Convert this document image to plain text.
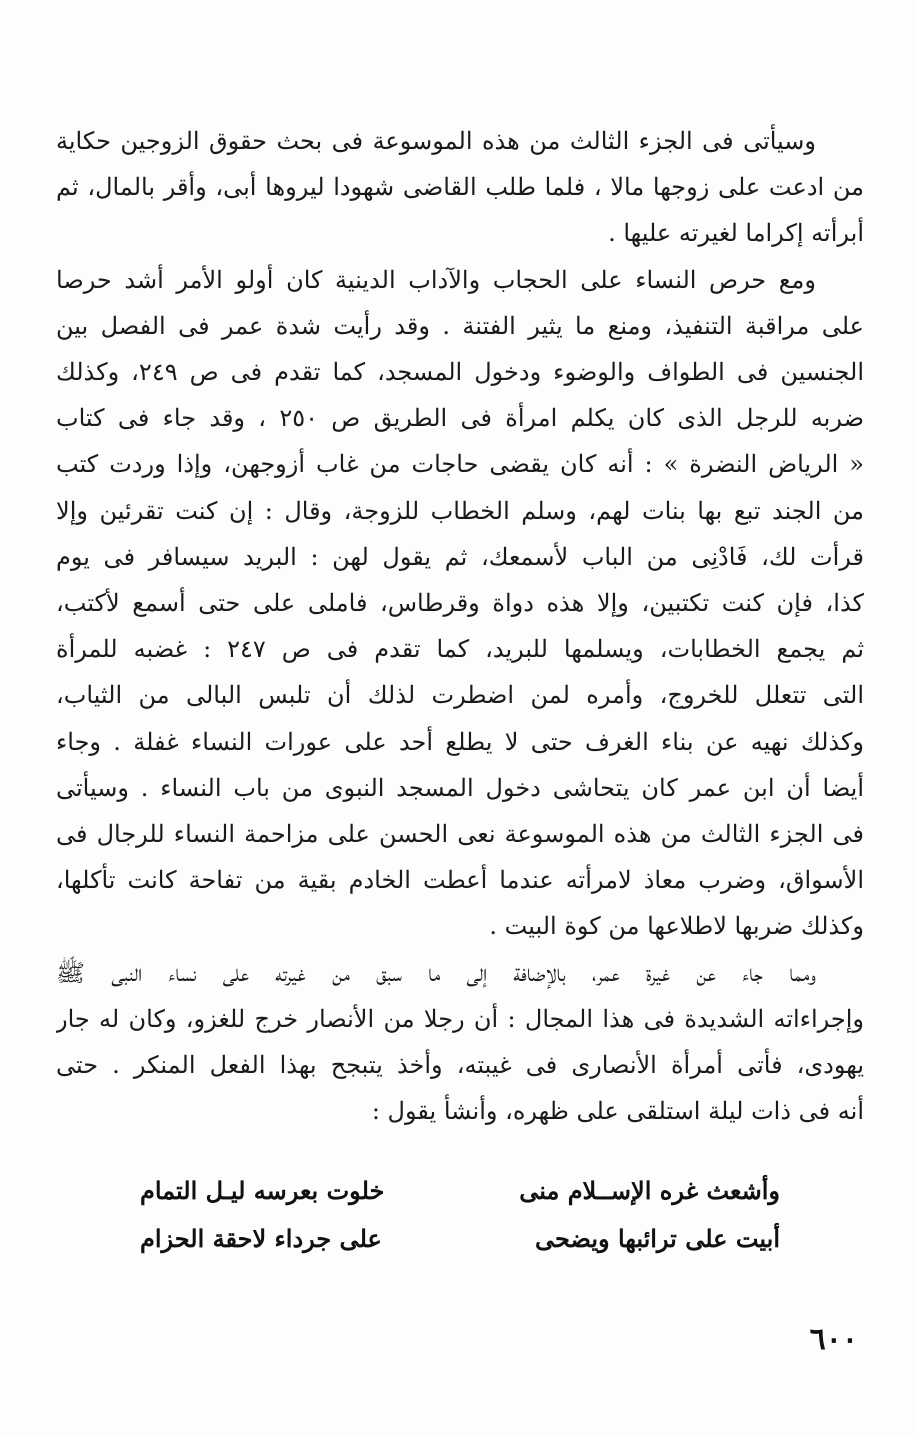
وسيأتى فى الجزء الثالث من هذه الموسوعة فى بحث حقوق الزوجين حكاية
من ادعت على زوجها مالا ، فلما طلب القاضى شهودا ليروها أبى، وأقر بالمال، ثم
أبرأته إكراما لغيرته عليها .
ومع حرص النساء على الحجاب والآداب الدينية كان أولو الأمر أشد حرصا
على مراقبة التنفيذ، ومنع ما يثير الفتنة . وقد رأيت شدة عمر فى الفصل بين
الجنسين فى الطواف والوضوء ودخول المسجد، كما تقدم فى ص ٢٤٩، وكذلك
ضربه للرجل الذى كان يكلم امرأة فى الطريق ص ٢٥٠ ، وقد جاء فى كتاب
« الرياض النضرة » : أنه كان يقضى حاجات من غاب أزوجهن، وإذا وردت كتب
من الجند تبع بها بنات لهم، وسلم الخطاب للزوجة، وقال : إن كنت تقرئين وإلا
قرأت لك، فَادْنِى من الباب لأسمعك، ثم يقول لهن : البريد سيسافر فى يوم
كذا، فإن كنت تكتبين، وإلا هذه دواة وقرطاس، فاملى على حتى أسمع لأكتب،
ثم يجمع الخطابات، ويسلمها للبريد، كما تقدم فى ص ٢٤٧ : غضبه للمرأة
التى تتعلل للخروج، وأمره لمن اضطرت لذلك أن تلبس البالى من الثياب،
وكذلك نهيه عن بناء الغرف حتى لا يطلع أحد على عورات النساء غفلة . وجاء
أيضا أن ابن عمر كان يتحاشى دخول المسجد النبوى من باب النساء . وسيأتى
فى الجزء الثالث من هذه الموسوعة نعى الحسن على مزاحمة النساء للرجال فى
الأسواق، وضرب معاذ لامرأته عندما أعطت الخادم بقية من تفاحة كانت تأكلها،
وكذلك ضربها لاطلاعها من كوة البيت .
ومما جاء عن غيرة عمر، بالإضافة إلى ما سبق من غيرته على نساء النبى ﷺ
وإجراءاته الشديدة فى هذا المجال : أن رجلا من الأنصار خرج للغزو، وكان له جار
يهودى، فأتى أمرأة الأنصارى فى غيبته، وأخذ يتبجح بهذا الفعل المنكر . حتى
أنه فى ذات ليلة استلقى على ظهره، وأنشأ يقول :
وأشعث غره الإســلام منى
خلوت بعرسه ليـل التمام
أبيت على ترائبها ويضحى
على جرداء لاحقة الحزام
٦٠٠
